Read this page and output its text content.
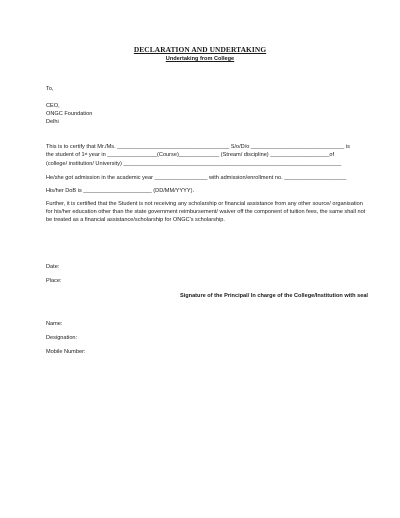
DECLARATION AND UNDERTAKING
Undertaking from College
To,
CEO,
ONGC Foundation
Delhi
This is to certify that Mr./Ms. ____________________________________ S/o/D/o ______________________________ is
the student of 1st year in ________________(Course)_____________ (Stream/ discipline) ___________________of
(college/ institution/ University) ______________________________________________________________________
He/she got admission in the academic year _________________ with admission/enrollment no. ____________________
His/her DoB is ______________________ (DD/MM/YYYY).
Further, it is certified that the Student is not receiving any scholarship or financial assistance from any other source/ organisation for his/her education other than the state government reimbursement/ waiver off the component of tuition fees, the same shall not be treated as a financial assistance/scholarship for ONGC's scholarship.
Date:
Place:
Signature of the Principal/ In charge of the College/Institution with seal
Name:
Designation:
Mobile Number:
